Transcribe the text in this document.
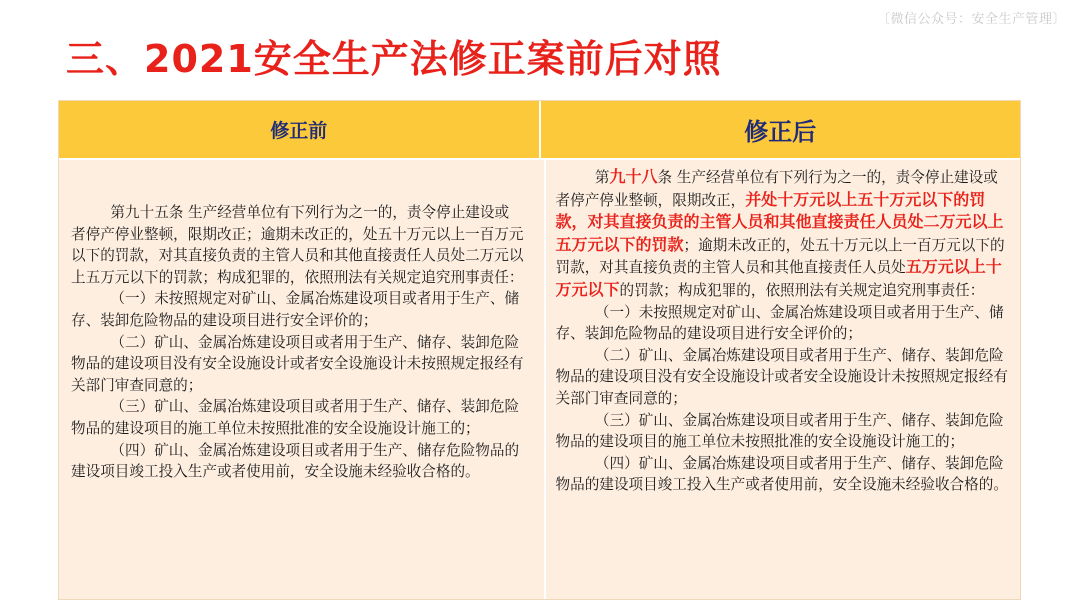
〔微信公众号：安全生产管理〕
三、2021安全生产法修正案前后对照
修正前	修正后
第九十五条 生产经营单位有下列行为之一的，责令停止建设或者停产停业整顿，限期改正；逾期未改正的，处五十万元以上一百万元以下的罚款，对其直接负责的主管人员和其他直接责任人员处二万元以上五万元以下的罚款；构成犯罪的，依照刑法有关规定追究刑事责任：
（一）未按照规定对矿山、金属冶炼建设项目或者用于生产、储存、装卸危险物品的建设项目进行安全评价的；
（二）矿山、金属冶炼建设项目或者用于生产、储存、装卸危险物品的建设项目没有安全设施设计或者安全设施设计未按照规定报经有关部门审查同意的；
（三）矿山、金属冶炼建设项目或者用于生产、储存、装卸危险物品的建设项目的施工单位未按照批准的安全设施设计施工的；
（四）矿山、金属冶炼建设项目或者用于生产、储存危险物品的建设项目竣工投入生产或者使用前，安全设施未经验收合格的。
第九十八条 生产经营单位有下列行为之一的，责令停止建设或者停产停业整顿，限期改正，并处十万元以上五十万元以下的罚款，对其直接负责的主管人员和其他直接责任人员处二万元以上五万元以下的罚款；逾期未改正的，处五十万元以上一百万元以下的罚款，对其直接负责的主管人员和其他直接责任人员处五万元以上十万元以下的罚款；构成犯罪的，依照刑法有关规定追究刑事责任：
（一）未按照规定对矿山、金属冶炼建设项目或者用于生产、储存、装卸危险物品的建设项目进行安全评价的；
（二）矿山、金属冶炼建设项目或者用于生产、储存、装卸危险物品的建设项目没有安全设施设计或者安全设施设计未按照规定报经有关部门审查同意的；
（三）矿山、金属冶炼建设项目或者用于生产、储存、装卸危险物品的建设项目的施工单位未按照批准的安全设施设计施工的；
（四）矿山、金属冶炼建设项目或者用于生产、储存、装卸危险物品的建设项目竣工投入生产或者使用前，安全设施未经验收合格的。
